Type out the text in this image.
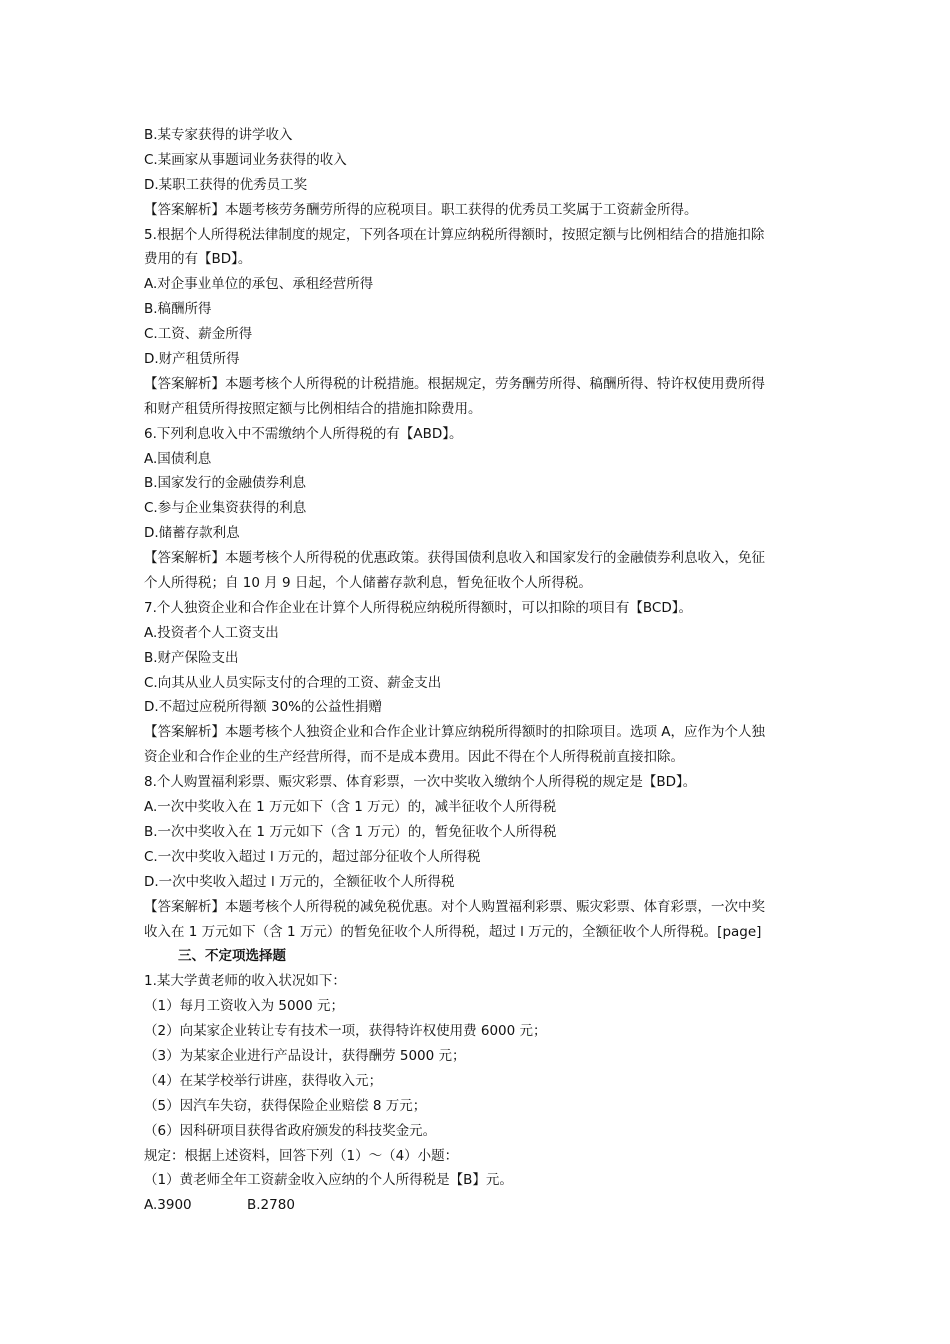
B.某专家获得的讲学收入
C.某画家从事题词业务获得的收入
D.某职工获得的优秀员工奖
【答案解析】本题考核劳务酬劳所得的应税项目。职工获得的优秀员工奖属于工资薪金所得。
5.根据个人所得税法律制度的规定，下列各项在计算应纳税所得额时，按照定额与比例相结合的措施扣除
费用的有【BD】。
A.对企事业单位的承包、承租经营所得
B.稿酬所得
C.工资、薪金所得
D.财产租赁所得
【答案解析】本题考核个人所得税的计税措施。根据规定，劳务酬劳所得、稿酬所得、特许权使用费所得
和财产租赁所得按照定额与比例相结合的措施扣除费用。
6.下列利息收入中不需缴纳个人所得税的有【ABD】。
A.国债利息
B.国家发行的金融债券利息
C.参与企业集资获得的利息
D.储蓄存款利息
【答案解析】本题考核个人所得税的优惠政策。获得国债利息收入和国家发行的金融债券利息收入，免征
个人所得税；自 10 月 9 日起，个人储蓄存款利息，暂免征收个人所得税。
7.个人独资企业和合作企业在计算个人所得税应纳税所得额时，可以扣除的项目有【BCD】。
A.投资者个人工资支出
B.财产保险支出
C.向其从业人员实际支付的合理的工资、薪金支出
D.不超过应税所得额 30%的公益性捐赠
【答案解析】本题考核个人独资企业和合作企业计算应纳税所得额时的扣除项目。选项 A，应作为个人独
资企业和合作企业的生产经营所得，而不是成本费用。因此不得在个人所得税前直接扣除。
8.个人购置福利彩票、赈灾彩票、体育彩票，一次中奖收入缴纳个人所得税的规定是【BD】。
A.一次中奖收入在 1 万元如下（含 1 万元）的，减半征收个人所得税
B.一次中奖收入在 1 万元如下（含 1 万元）的，暂免征收个人所得税
C.一次中奖收入超过 l 万元的，超过部分征收个人所得税
D.一次中奖收入超过 l 万元的，全额征收个人所得税
【答案解析】本题考核个人所得税的减免税优惠。对个人购置福利彩票、赈灾彩票、体育彩票，一次中奖
收入在 1 万元如下（含 1 万元）的暂免征收个人所得税，超过 l 万元的，全额征收个人所得税。[page]
三、不定项选择题
1.某大学黄老师的收入状况如下：
（1）每月工资收入为 5000 元；
（2）向某家企业转让专有技术一项，获得特许权使用费 6000 元；
（3）为某家企业进行产品设计，获得酬劳 5000 元；
（4）在某学校举行讲座，获得收入元；
（5）因汽车失窃，获得保险企业赔偿 8 万元；
（6）因科研项目获得省政府颁发的科技奖金元。
规定：根据上述资料，回答下列（1）～（4）小题：
（1）黄老师全年工资薪金收入应纳的个人所得税是【B】元。
A.3900	B.2780
